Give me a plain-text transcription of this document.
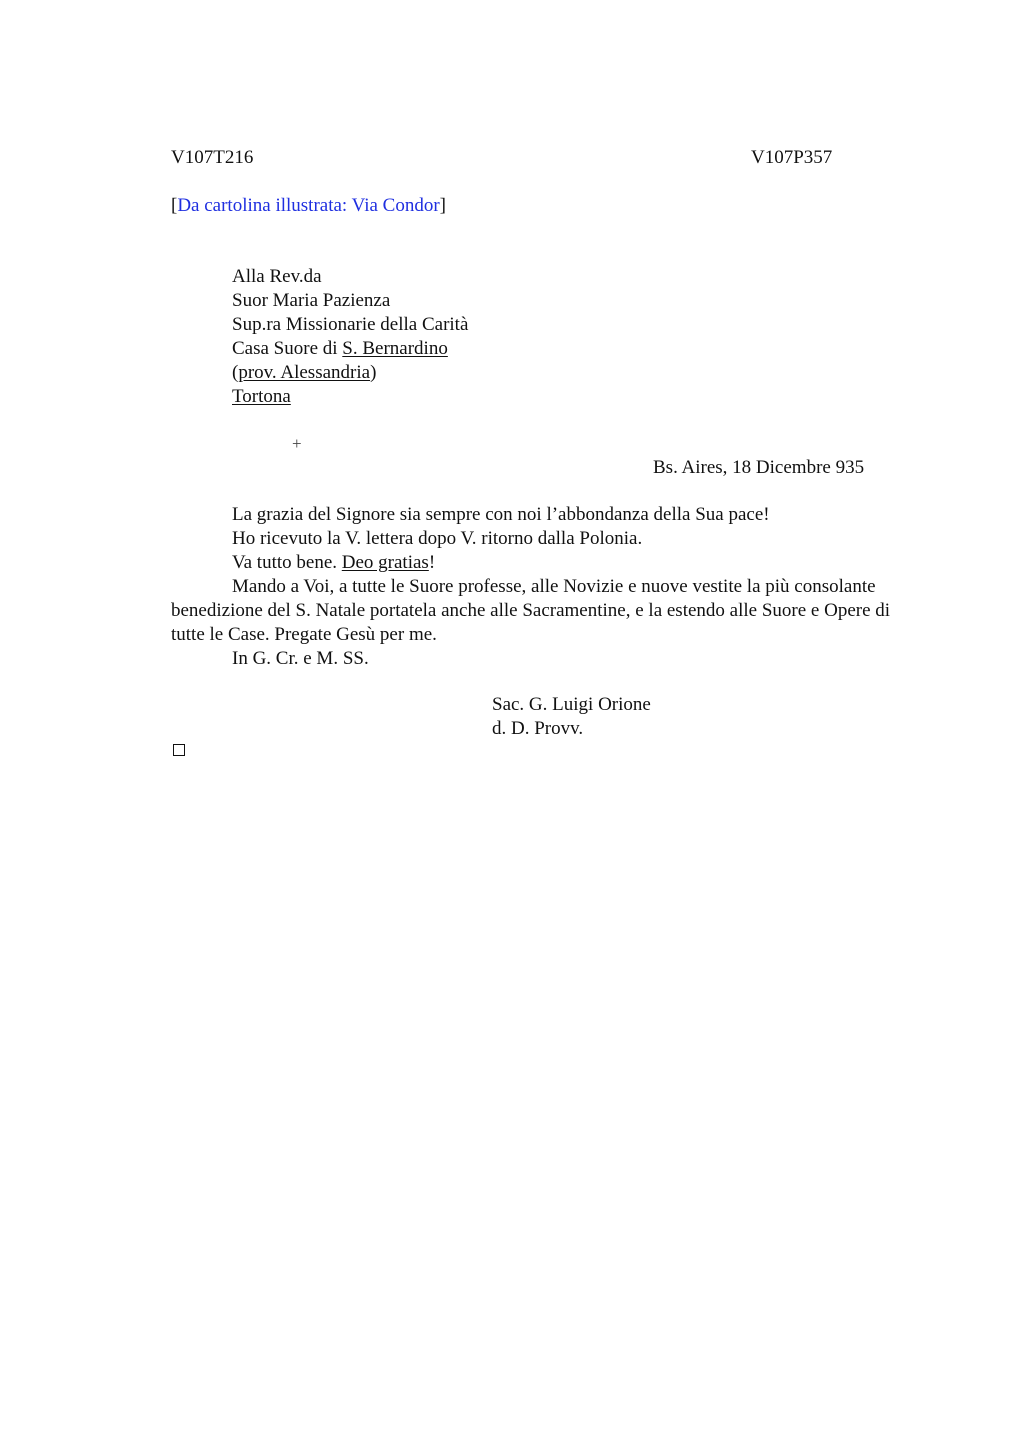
V107T216	V107P357
[Da cartolina illustrata: Via Condor]
Alla Rev.da
Suor Maria Pazienza
Sup.ra Missionarie della Carità
Casa Suore di S. Bernardino
(prov. Alessandria)
Tortona
+
Bs. Aires, 18 Dicembre 935
La grazia del Signore sia sempre con noi l’abbondanza della Sua pace!
Ho ricevuto la V. lettera dopo V. ritorno dalla Polonia.
Va tutto bene. Deo gratias!
Mando a Voi, a tutte le Suore professe, alle Novizie e nuove vestite la più consolante benedizione del S. Natale portatela anche alle Sacramentine, e la estendo alle Suore e Opere di tutte le Case. Pregate Gesù per me.
In G. Cr. e M. SS.
Sac. G. Luigi Orione
d. D. Provv.
